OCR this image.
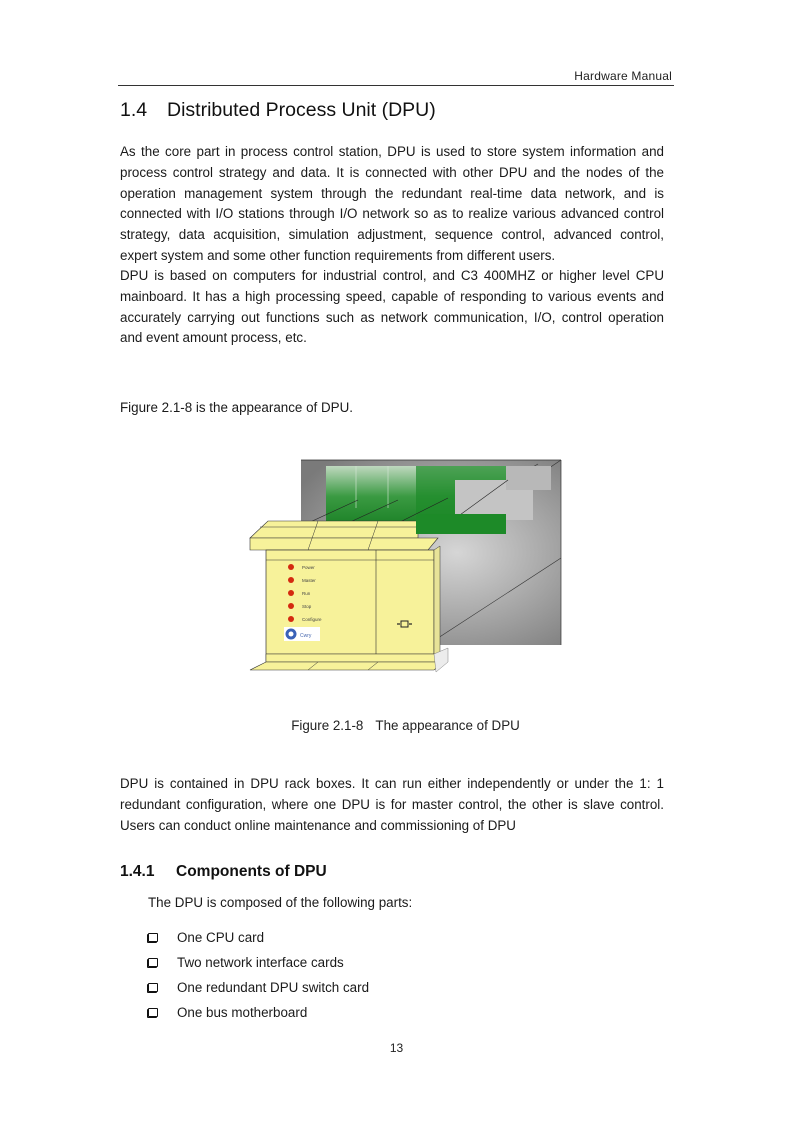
Hardware Manual
1.4 Distributed Process Unit (DPU)

As the core part in process control station, DPU is used to store system information and process control strategy and data. It is connected with other DPU and the nodes of the operation management system through the redundant real-time data network, and is connected with I/O stations through I/O network so as to realize various advanced control strategy, data acquisition, simulation adjustment, sequence control, advanced control, expert system and some other function requirements from different users.

DPU is based on computers for industrial control, and C3 400MHZ or higher level CPU mainboard. It has a high processing speed, capable of responding to various events and accurately carrying out functions such as network communication, I/O, control operation and event amount process, etc.

Figure 2.1-8 is the appearance of DPU.

Power
Master
Run
Stop
Configure
Cwry
Figure 2.1-8 The appearance of DPU

DPU is contained in DPU rack boxes. It can run either independently or under the 1: 1 redundant configuration, where one DPU is for master control, the other is slave control. Users can conduct online maintenance and commissioning of DPU

1.4.1 Components of DPU
The DPU is composed of the following parts:
One CPU card
Two network interface cards
One redundant DPU switch card
One bus motherboard
13
